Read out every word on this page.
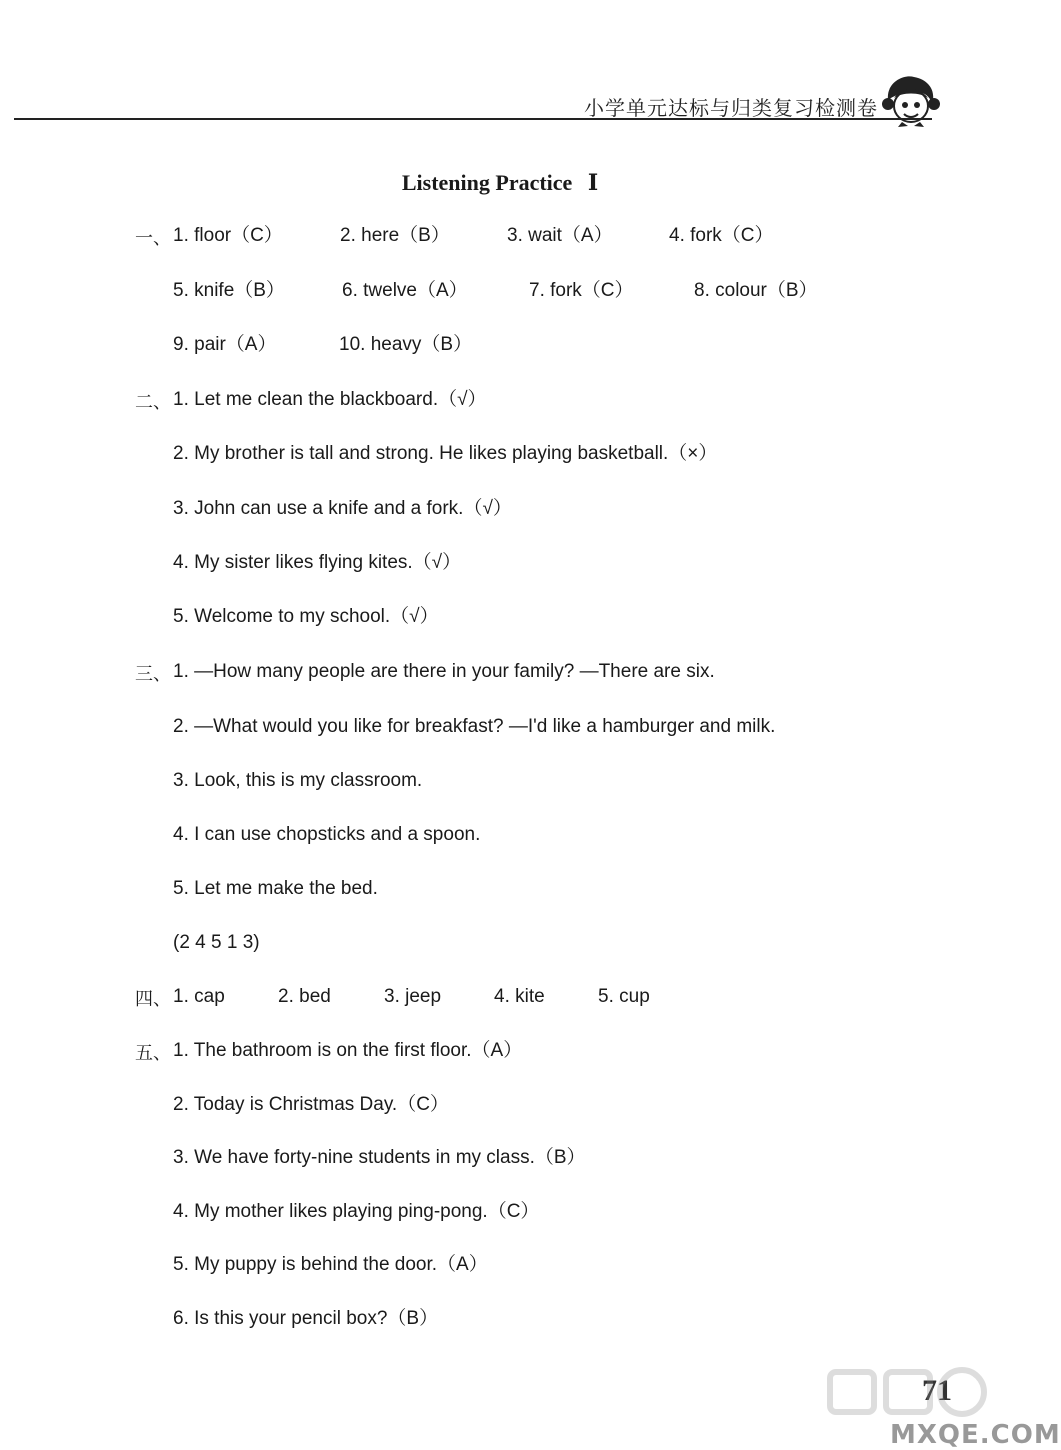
小学单元达标与归类复习检测卷
Listening Practice Ⅰ
一、 1. floor（C）	2. here（B）	3. wait（A）	4. fork（C）
5. knife（B）	6. twelve（A）	7. fork（C）	8. colour（B）
9. pair（A）	10. heavy（B）
二、 1. Let me clean the blackboard.（√）
2. My brother is tall and strong. He likes playing basketball.（×）
3. John can use a knife and a fork.（√）
4. My sister likes flying kites.（√）
5. Welcome to my school.（√）
三、 1. —How many people are there in your family? —There are six.
2. —What would you like for breakfast? —I'd like a hamburger and milk.
3. Look, this is my classroom.
4. I can use chopsticks and a spoon.
5. Let me make the bed.
(2 4 5 1 3)
四、 1. cap	2. bed	3. jeep	4. kite	5. cup
五、 1. The bathroom is on the first floor.（A）
2. Today is Christmas Day.（C）
3. We have forty-nine students in my class.（B）
4. My mother likes playing ping-pong.（C）
5. My puppy is behind the door.（A）
6. Is this your pencil box?（B）
71
MXQE.COM
